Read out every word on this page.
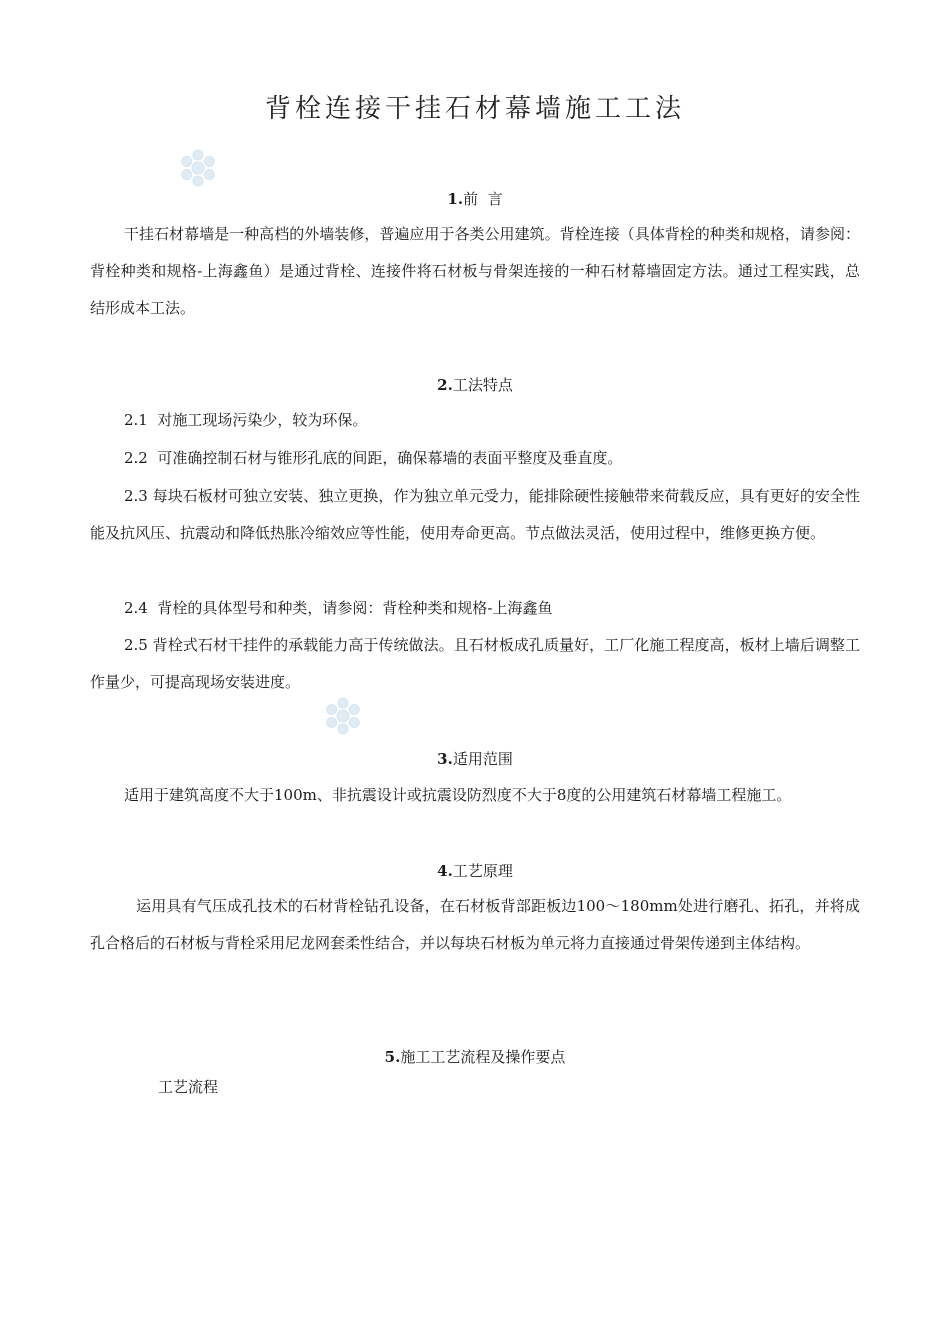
背栓连接干挂石材幕墙施工工法
1.前  言

干挂石材幕墙是一种高档的外墙装修，普遍应用于各类公用建筑。背栓连接（具体背栓的种类和规格，请参阅：背栓种类和规格-上海鑫鱼）是通过背栓、连接件将石材板与骨架连接的一种石材幕墙固定方法。通过工程实践，总结形成本工法。

2.工法特点

2.1  对施工现场污染少，较为环保。

2.2  可准确控制石材与锥形孔底的间距，确保幕墙的表面平整度及垂直度。

2.3 每块石板材可独立安装、独立更换，作为独立单元受力，能排除硬性接触带来荷载反应，具有更好的安全性能及抗风压、抗震动和降低热胀冷缩效应等性能，使用寿命更高。节点做法灵活，使用过程中，维修更换方便。

2.4  背栓的具体型号和种类，请参阅：背栓种类和规格-上海鑫鱼

2.5 背栓式石材干挂件的承载能力高于传统做法。且石材板成孔质量好，工厂化施工程度高，板材上墙后调整工作量少，可提高现场安装进度。

3.适用范围

适用于建筑高度不大于100m、非抗震设计或抗震设防烈度不大于8度的公用建筑石材幕墙工程施工。

4.工艺原理

运用具有气压成孔技术的石材背栓钻孔设备，在石材板背部距板边100～180mm处进行磨孔、拓孔，并将成孔合格后的石材板与背栓采用尼龙网套柔性结合，并以每块石材板为单元将力直接通过骨架传递到主体结构。

5.施工工艺流程及操作要点

工艺流程
